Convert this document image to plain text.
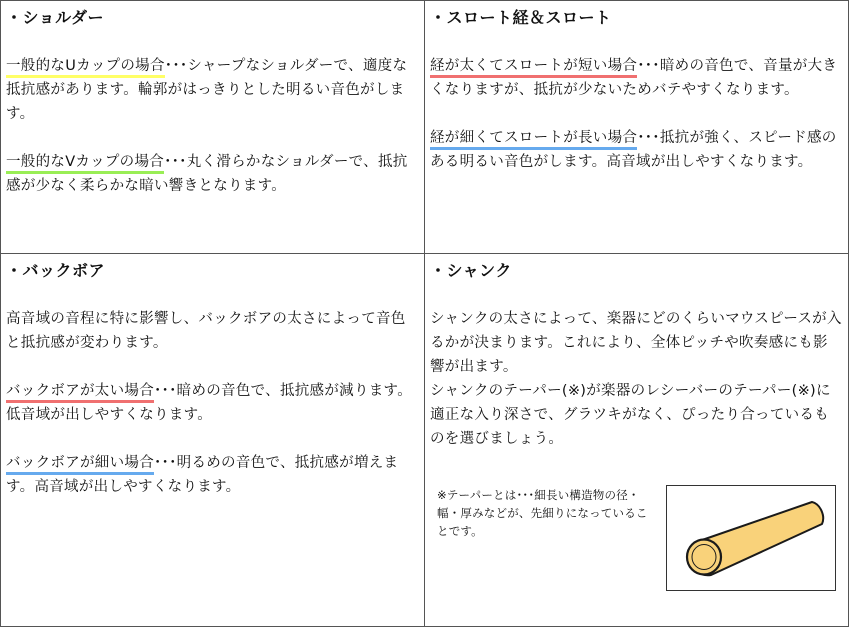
・ショルダー

一般的なUカップの場合･･･シャープなショルダーで、適度な抵抗感があります。輪郭がはっきりとした明るい音色がします。

一般的なVカップの場合･･･丸く滑らかなショルダーで、抵抗感が少なく柔らかな暗い響きとなります。

・スロート経＆スロート

経が太くてスロートが短い場合･･･暗めの音色で、音量が大きくなりますが、抵抗が少ないためバテやすくなります。

経が細くてスロートが長い場合･･･抵抗が強く、スピード感のある明るい音色がします。高音域が出しやすくなります。

・バックボア

高音域の音程に特に影響し、バックボアの太さによって音色と抵抗感が変わります。

バックボアが太い場合･･･暗めの音色で、抵抗感が減ります。低音域が出しやすくなります。

バックボアが細い場合･･･明るめの音色で、抵抗感が増えます。高音域が出しやすくなります。

・シャンク

シャンクの太さによって、楽器にどのくらいマウスピースが入るかが決まります。これにより、全体ピッチや吹奏感にも影響が出ます。

シャンクのテーパー(※)が楽器のレシーバーのテーパー(※)に適正な入り深さで、グラツキがなく、ぴったり合っているものを選びましょう。

※テーパーとは･･･細長い構造物の径・幅・厚みなどが、先細りになっていることです。
